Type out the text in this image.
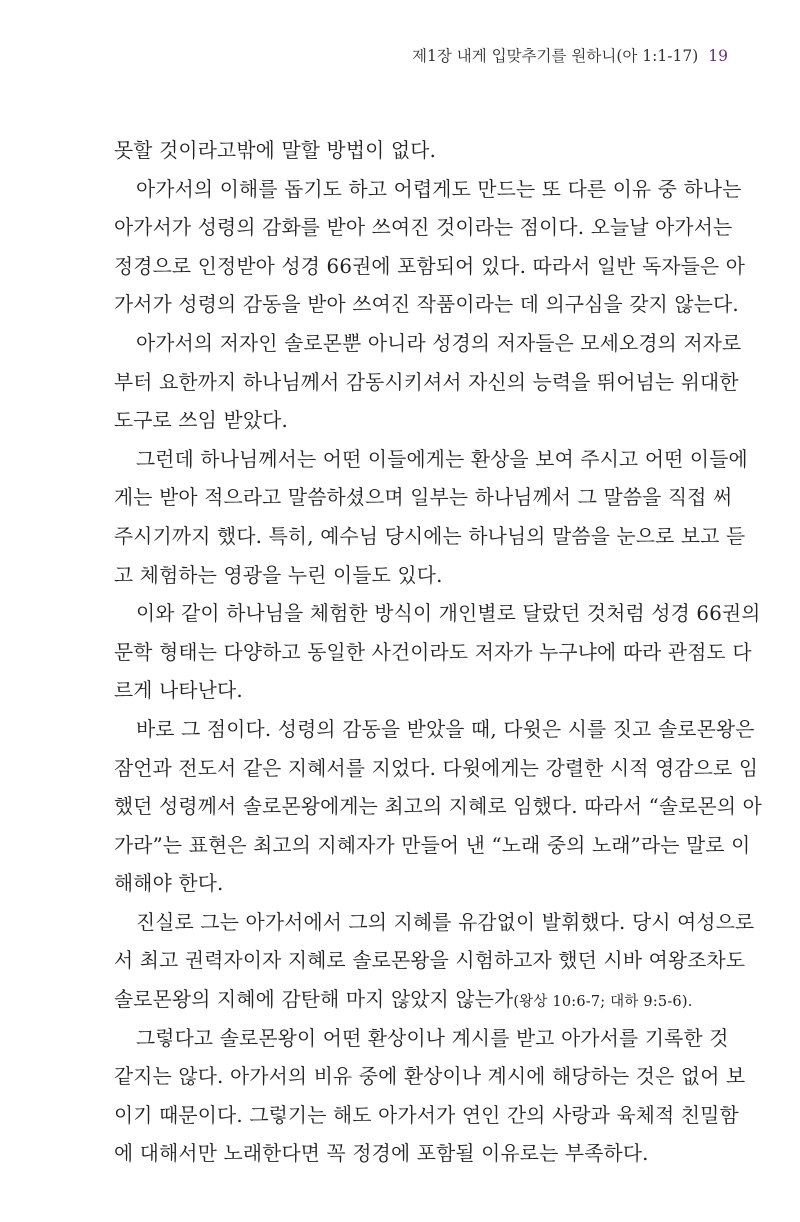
제1장 내게 입맞추기를 원하니(아 1:1-17) 19
못할 것이라고밖에 말할 방법이 없다.
아가서의 이해를 돕기도 하고 어렵게도 만드는 또 다른 이유 중 하나는
아가서가 성령의 감화를 받아 쓰여진 것이라는 점이다. 오늘날 아가서는
정경으로 인정받아 성경 66권에 포함되어 있다. 따라서 일반 독자들은 아
가서가 성령의 감동을 받아 쓰여진 작품이라는 데 의구심을 갖지 않는다.
아가서의 저자인 솔로몬뿐 아니라 성경의 저자들은 모세오경의 저자로
부터 요한까지 하나님께서 감동시키셔서 자신의 능력을 뛰어넘는 위대한
도구로 쓰임 받았다.
그런데 하나님께서는 어떤 이들에게는 환상을 보여 주시고 어떤 이들에
게는 받아 적으라고 말씀하셨으며 일부는 하나님께서 그 말씀을 직접 써
주시기까지 했다. 특히, 예수님 당시에는 하나님의 말씀을 눈으로 보고 듣
고 체험하는 영광을 누린 이들도 있다.
이와 같이 하나님을 체험한 방식이 개인별로 달랐던 것처럼 성경 66권의
문학 형태는 다양하고 동일한 사건이라도 저자가 누구냐에 따라 관점도 다
르게 나타난다.
바로 그 점이다. 성령의 감동을 받았을 때, 다윗은 시를 짓고 솔로몬왕은
잠언과 전도서 같은 지혜서를 지었다. 다윗에게는 강렬한 시적 영감으로 임
했던 성령께서 솔로몬왕에게는 최고의 지혜로 임했다. 따라서 “솔로몬의 아
가라”는 표현은 최고의 지혜자가 만들어 낸 “노래 중의 노래”라는 말로 이
해해야 한다.
진실로 그는 아가서에서 그의 지혜를 유감없이 발휘했다. 당시 여성으로
서 최고 권력자이자 지혜로 솔로몬왕을 시험하고자 했던 시바 여왕조차도
솔로몬왕의 지혜에 감탄해 마지 않았지 않는가(왕상 10:6-7; 대하 9:5-6).
그렇다고 솔로몬왕이 어떤 환상이나 계시를 받고 아가서를 기록한 것
같지는 않다. 아가서의 비유 중에 환상이나 계시에 해당하는 것은 없어 보
이기 때문이다. 그렇기는 해도 아가서가 연인 간의 사랑과 육체적 친밀함
에 대해서만 노래한다면 꼭 정경에 포함될 이유로는 부족하다.
